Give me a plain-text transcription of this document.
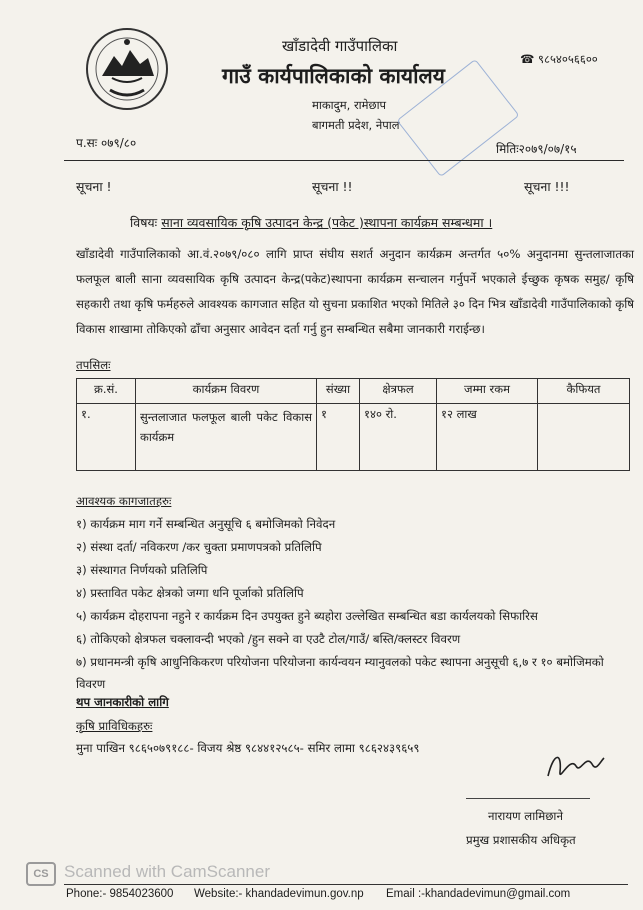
खाँडादेवी गाउँपालिका
गाउँ कार्यपालिकाको कार्यालय
माकादुम, रामेछाप
बागमती प्रदेश, नेपाल
☎ ९८५४०५६६००
प.सः ०७९/८०	मितिः२०७९/०७/१५
सूचना !	सूचना !!	सूचना !!!
विषयः साना व्यवसायिक कृषि उत्पादन केन्द्र (पकेट )स्थापना कार्यक्रम सम्बन्धमा ।
खाँडादेवी गाउँपालिकाको आ.वं.२०७९/०८० लागि प्राप्त संघीय सशर्त अनुदान कार्यक्रम अन्तर्गत ५०% अनुदानमा सुन्तलाजातका फलफूल बाली साना व्यवसायिक कृषि उत्पादन केन्द्र(पकेट)स्थापना कार्यक्रम सन्चालन गर्नुपर्ने भएकाले ईच्छुक कृषक समुह/ कृषि सहकारी तथा कृषि फर्महरुले आवश्यक कागजात सहित यो सुचना प्रकाशित भएको मितिले ३० दिन भित्र खाँडादेवी गाउँपालिकाको कृषि विकास शाखामा तोकिएको ढाँचा अनुसार आवेदन दर्ता गर्नु हुन सम्बन्धित सबैमा जानकारी गराईन्छ।
तपसिलः
क्र.सं.	कार्यक्रम विवरण	संख्या	क्षेत्रफल	जम्मा रकम	कैफियत
१.	सुन्तलाजात फलफूल बाली पकेट विकास कार्यक्रम	१	१४० रो.	१२ लाख	
आवश्यक कागजातहरुः
१) कार्यक्रम माग गर्ने सम्बन्धित अनुसूचि ६ बमोजिमको निवेदन
२) संस्था दर्ता/ नविकरण /कर चुक्ता प्रमाणपत्रको प्रतिलिपि
३) संस्थागत निर्णयको प्रतिलिपि
४) प्रस्तावित पकेट क्षेत्रको जग्गा धनि पूर्जाको प्रतिलिपि
५) कार्यक्रम दोहरापना नहुने र कार्यक्रम दिन उपयुक्त हुने ब्यहोरा उल्लेखित सम्बन्धित बडा कार्यलयको सिफारिस
६) तोकिएको क्षेत्रफल चक्लावन्दी भएको /हुन सक्ने वा एउटै टोल/गाउँ/ बस्ति/क्लस्टर विवरण
७) प्रधानमन्त्री कृषि आधुनिकिकरण परियोजना परियोजना कार्यन्वयन म्यानुवलको पकेट स्थापना अनुसूची ६,७ र १० बमोजिमको विवरण
थप जानकारीको लागि
कृषि प्राविधिकहरुः
मुना पाखिन ९८६५०७९१८८- विजय श्रेष्ठ ९८४४१२५८५- समिर लामा ९८६२४३९६५९
नारायण लामिछाने
प्रमुख प्रशासकीय अधिकृत
CS Scanned with CamScanner
Phone:- 9854023600 Website:- khandadevimun.gov.np Email :-khandadevimun@gmail.com
